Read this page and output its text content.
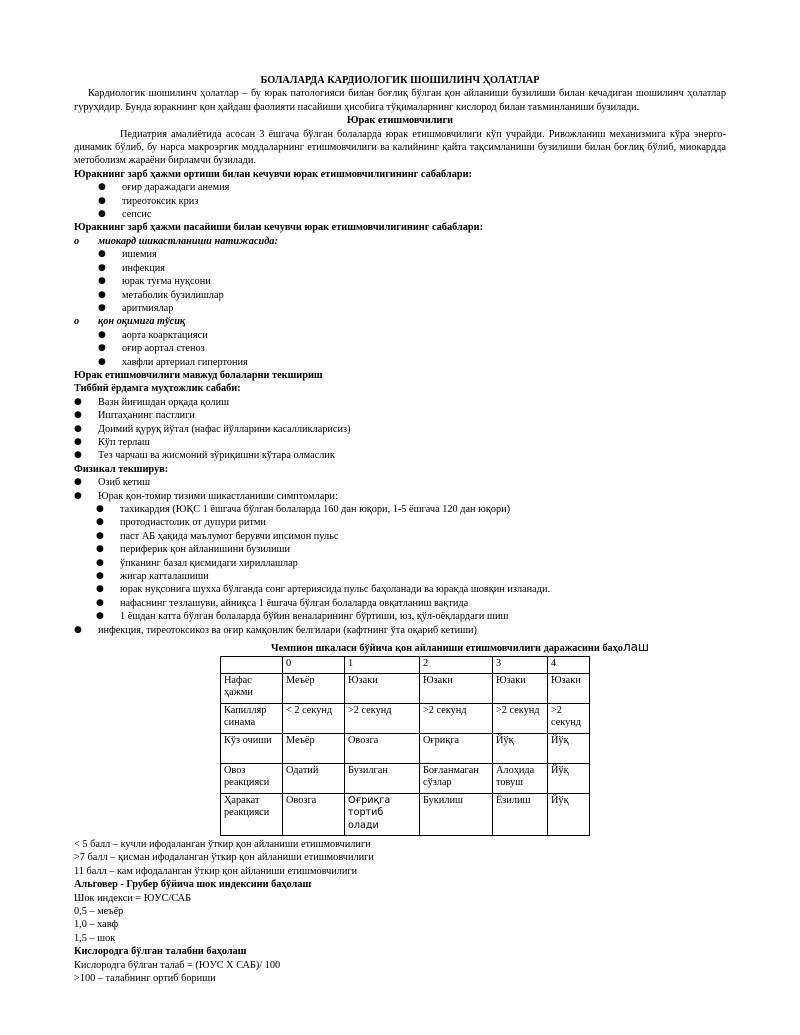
БОЛАЛАРДА КАРДИОЛОГИК ШОШИЛИНЧ ҲОЛАТЛАР

Кардиологик шошилинч ҳолатлар – бу юрак патологияси билан боғлиқ бўлган қон айланиши бузилиши билан кечадиган шошилинч ҳолатлар гуруҳидир. Бунда юракнинг қон ҳайдаш фаолияти пасайиши ҳисобига тўқималарнинг кислород билан таъминланиши бузилади.

Юрак етишмовчилиги

Педиатрия амалиётида асосан 3 ёшгача бўлган болаларда юрак етишмовчилиги кўп учрайди. Ривожланиш механизмига кўра энерго-динамик бўлиб, бу нарса макроэргик моддаларнинг етишмовчилиги ва калийнинг қайта тақсимланиши бузилиши билан боғлиқ бўлиб, миокардда метоболизм жараёни бирламчи бузилади.

Юракнинг зарб ҳажми ортиши билан кечувчи юрак етишмовчилигининг сабаблари:

● оғир даражадаги анемия
● тиреотоксик криз
● сепсис

Юракнинг зарб ҳажми пасайиши билан кечувчи юрак етишмовчилигининг сабаблари:

o миокард шикастланиши натижасида:

● ишемия
● инфекция
● юрак туғма нуқсони
● метаболик бузилишлар
● аритмиялар

o қон оқимига тўсиқ

● аорта коарктацияси
● оғир аортал стеноз
● хавфли артериал гипертония

Юрак етишмовчилиги мавжуд болаларни текшириш

Тиббий ёрдамга муҳтожлик сабаби:

● Вазн йиғишдан орқада қолиш
● Иштаҳанинг пастлиги
● Доимий қуруқ йўтал (нафас йўлларини касалликларисиз)
● Кўп терлаш
● Тез чарчаш ва жисмоний зўриқишни кўтара олмаслик

Физикал текширув:

● Озиб кетиш
● Юрак қон-томир тизими шикастланиши симптомлари:
● тахикардия (ЮҚС 1 ёшгача бўлган болаларда 160 дан юқори, 1-5 ёшгача 120 дан юқори)
● протодиастолик от дупури ритми
● паст АБ ҳақида маълумот берувчи ипсимон пульс
● периферик қон айланишини бузилиши
● ўпканинг базал қисмидаги хириллашлар
● жигар катталашиши
● юрак нуқсонига шухха бўлганда сонг артериясида пульс баҳоланади ва юракда шовқин изланади.
● нафаснинг тезлашуви, айниқса 1 ёшгача бўлган болаларда овқатланиш вақтида
● 1 ёшдан катта бўлган болаларда бўйин веналарининг бўртиши, юз, қўл-оёқлардаги шиш
● инфекция, тиреотоксикоз ва оғир камқонлик белгилари (кафтнинг ўта оқариб кетиши)

Чемпион шкаласи бўйича қон айланиши етишмовчилиги даражасини баҳолаш

	0	1	2	3	4
Нафас ҳажми	Меъёр	Юзаки	Юзаки	Юзаки	Юзаки
Капилляр синама	< 2 секунд	>2 секунд	>2 секунд	>2 секунд	>2 секунд
Кўз очиши	Меъёр	Овозга	Оғриқга	Йўқ	Йўқ
Овоз реакцияси	Одатий	Бузилган	Боғланмаган сўзлар	Алоҳида товуш	Йўқ
Ҳаракат реакцияси	Овозга	Оғриқга тортиб олади	Букилиш	Ёзилиш	Йўқ

< 5 балл – кучли ифодаланган ўткир қон айланиши етишмовчилиги

>7 балл – қисман ифодаланган ўткир қон айланиши етишмовчилиги

11 балл – кам ифодаланган ўткир қон айланиши етишмовчилиги

Альговер - Грубер бўйича шок индексини баҳолаш

Шок индекси = ЮУС/САБ

0,5 – меъёр

1,0 – хавф

1,5 – шок

Кислородга бўлган талабни баҳолаш

Кислородга бўлган талаб = (ЮУС Х САБ)/ 100

>100 – талабнинг ортиб бориши
